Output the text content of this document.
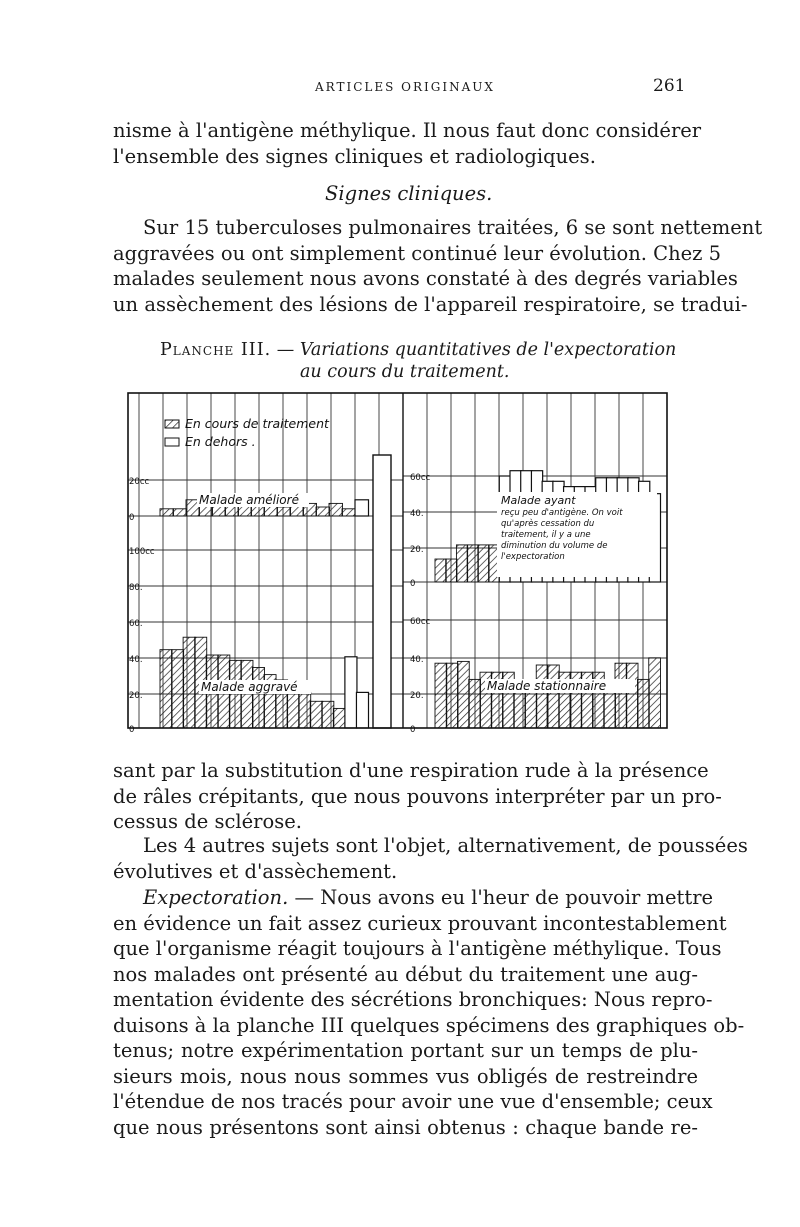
ARTICLES ORIGINAUX	261
nisme à l'antigène méthylique. Il nous faut donc considérer
l'ensemble des signes cliniques et radiologiques.
Signes cliniques.
Sur 15 tuberculoses pulmonaires traitées, 6 se sont nettement
aggravées ou ont simplement continué leur évolution. Chez 5
malades seulement nous avons constaté à des degrés variables
un assèchement des lésions de l'appareil respiratoire, se tradui-
Planche III. — Variations quantitatives de l'expectoration
au cours du traitement.
20cc
0
100cc
80.
60.
40.
20.
0
60cc
40.
20.
0
60cc
40.
20.
0
En cours de traitement
En dehors .
Malade amélioré
Malade aggravé	Malade stationnaire
Malade ayant
reçu peu d'antigène. On voit
qu'après cessation du
traitement, il y a une
diminution du volume de
l'expectoration
sant par la substitution d'une respiration rude à la présence
de râles crépitants, que nous pouvons interpréter par un pro-
cessus de sclérose.
Les 4 autres sujets sont l'objet, alternativement, de poussées
évolutives et d'assèchement.
Expectoration. — Nous avons eu l'heur de pouvoir mettre
en évidence un fait assez curieux prouvant incontestablement
que l'organisme réagit toujours à l'antigène méthylique. Tous
nos malades ont présenté au début du traitement une aug-
mentation évidente des sécrétions bronchiques: Nous repro-
duisons à la planche III quelques spécimens des graphiques ob-
tenus; notre expérimentation portant sur un temps de plu-
sieurs mois, nous nous sommes vus obligés de restreindre
l'étendue de nos tracés pour avoir une vue d'ensemble; ceux
que nous présentons sont ainsi obtenus : chaque bande re-
